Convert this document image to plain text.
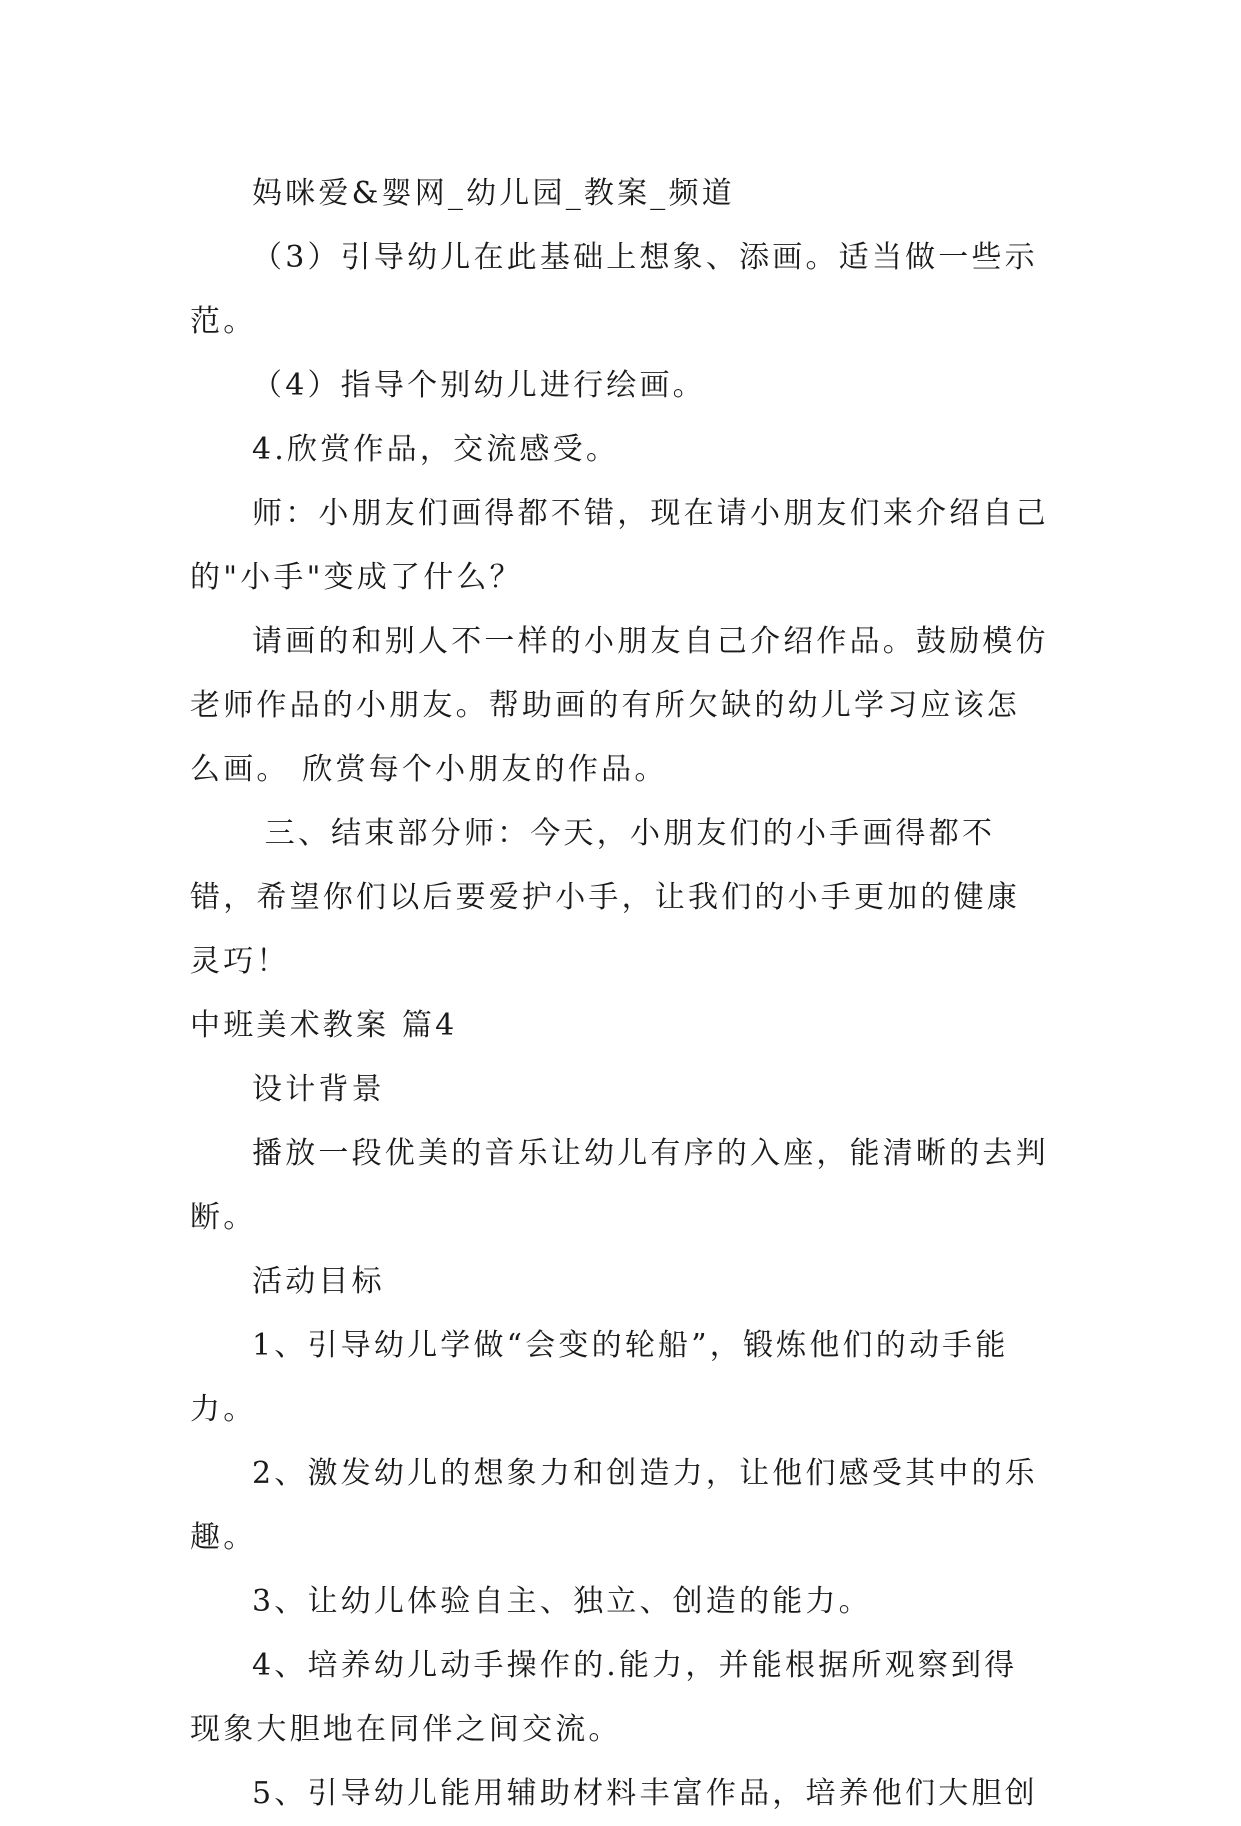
妈咪爱&婴网_幼儿园_教案_频道

（3）引导幼儿在此基础上想象、添画。适当做一些示范。

（4）指导个别幼儿进行绘画。

4.欣赏作品，交流感受。

师：小朋友们画得都不错，现在请小朋友们来介绍自己的"小手"变成了什么？

请画的和别人不一样的小朋友自己介绍作品。鼓励模仿老师作品的小朋友。帮助画的有所欠缺的幼儿学习应该怎么画。 欣赏每个小朋友的作品。

三、结束部分师：今天，小朋友们的小手画得都不错，希望你们以后要爱护小手，让我们的小手更加的健康灵巧！

中班美术教案 篇4

设计背景

播放一段优美的音乐让幼儿有序的入座，能清晰的去判断。

活动目标

1、引导幼儿学做“会变的轮船”，锻炼他们的动手能力。

2、激发幼儿的想象力和创造力，让他们感受其中的乐趣。

3、让幼儿体验自主、独立、创造的能力。

4、培养幼儿动手操作的.能力，并能根据所观察到得现象大胆地在同伴之间交流。

5、引导幼儿能用辅助材料丰富作品，培养他们大胆创
